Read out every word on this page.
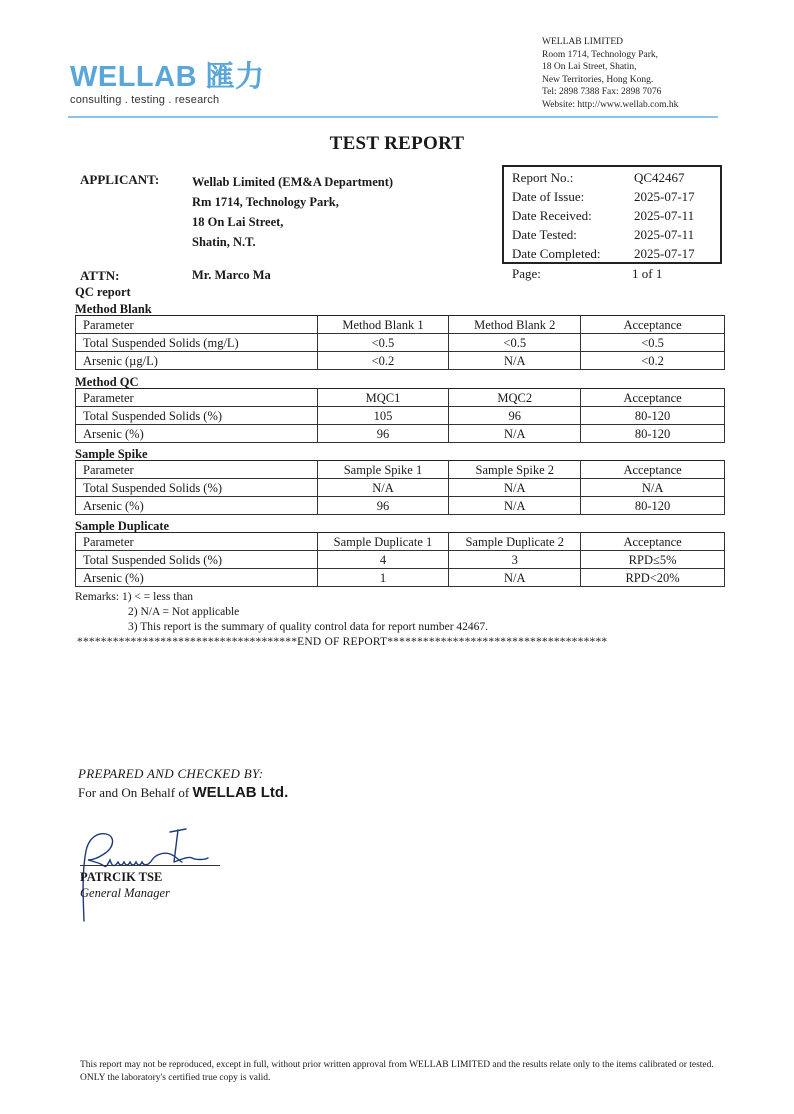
WELLAB 匯力
consulting . testing . research
WELLAB LIMITED
Room 1714, Technology Park,
18 On Lai Street, Shatin,
New Territories, Hong Kong.
Tel: 2898 7388 Fax: 2898 7076
Website: http://www.wellab.com.hk
TEST REPORT
APPLICANT:	Wellab Limited (EM&A Department)
Rm 1714, Technology Park,
18 On Lai Street,
Shatin, N.T.
Report No.:	QC42467
Date of Issue:	2025-07-17
Date Received:	2025-07-11
Date Tested:	2025-07-11
Date Completed:	2025-07-17
Page:	1 of 1
ATTN:	Mr. Marco Ma
QC report
Method Blank
Parameter	Method Blank 1	Method Blank 2	Acceptance
Total Suspended Solids (mg/L)	<0.5	<0.5	<0.5
Arsenic (µg/L)	<0.2	N/A	<0.2
Method QC
Parameter	MQC1	MQC2	Acceptance
Total Suspended Solids (%)	105	96	80-120
Arsenic (%)	96	N/A	80-120
Sample Spike
Parameter	Sample Spike 1	Sample Spike 2	Acceptance
Total Suspended Solids (%)	N/A	N/A	N/A
Arsenic (%)	96	N/A	80-120
Sample Duplicate
Parameter	Sample Duplicate 1	Sample Duplicate 2	Acceptance
Total Suspended Solids (%)	4	3	RPD≤5%
Arsenic (%)	1	N/A	RPD<20%
Remarks: 1) < = less than
2) N/A = Not applicable
3) This report is the summary of quality control data for report number 42467.
*************************************END OF REPORT*************************************
PREPARED AND CHECKED BY:
For and On Behalf of WELLAB Ltd.
PATRCIK TSE
General Manager
This report may not be reproduced, except in full, without prior written approval from WELLAB LIMITED and the results relate only to the items calibrated or tested. ONLY the laboratory's certified true copy is valid.
